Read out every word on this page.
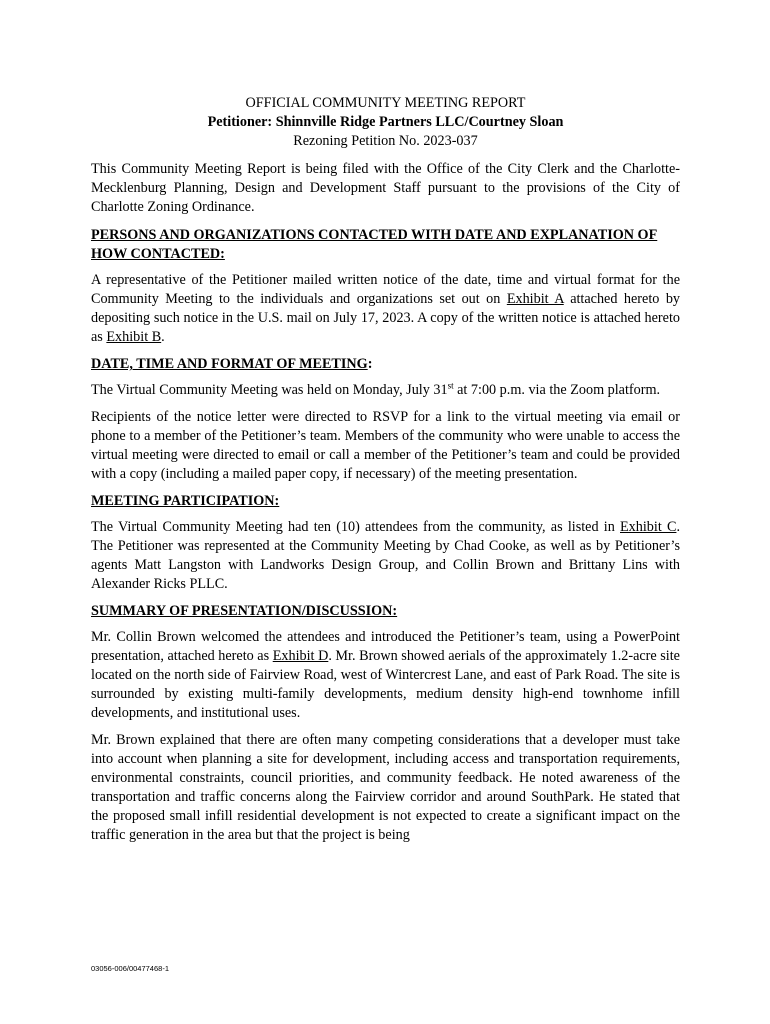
OFFICIAL COMMUNITY MEETING REPORT
Petitioner: Shinnville Ridge Partners LLC/Courtney Sloan
Rezoning Petition No. 2023-037

This Community Meeting Report is being filed with the Office of the City Clerk and the Charlotte-Mecklenburg Planning, Design and Development Staff pursuant to the provisions of the City of Charlotte Zoning Ordinance.

PERSONS AND ORGANIZATIONS CONTACTED WITH DATE AND EXPLANATION OF HOW CONTACTED:

A representative of the Petitioner mailed written notice of the date, time and virtual format for the Community Meeting to the individuals and organizations set out on Exhibit A attached hereto by depositing such notice in the U.S. mail on July 17, 2023. A copy of the written notice is attached hereto as Exhibit B.

DATE, TIME AND FORMAT OF MEETING:

The Virtual Community Meeting was held on Monday, July 31st at 7:00 p.m. via the Zoom platform.

Recipients of the notice letter were directed to RSVP for a link to the virtual meeting via email or phone to a member of the Petitioner’s team. Members of the community who were unable to access the virtual meeting were directed to email or call a member of the Petitioner’s team and could be provided with a copy (including a mailed paper copy, if necessary) of the meeting presentation.

MEETING PARTICIPATION:

The Virtual Community Meeting had ten (10) attendees from the community, as listed in Exhibit C. The Petitioner was represented at the Community Meeting by Chad Cooke, as well as by Petitioner’s agents Matt Langston with Landworks Design Group, and Collin Brown and Brittany Lins with Alexander Ricks PLLC.

SUMMARY OF PRESENTATION/DISCUSSION:

Mr. Collin Brown welcomed the attendees and introduced the Petitioner’s team, using a PowerPoint presentation, attached hereto as Exhibit D. Mr. Brown showed aerials of the approximately 1.2-acre site located on the north side of Fairview Road, west of Wintercrest Lane, and east of Park Road. The site is surrounded by existing multi-family developments, medium density high-end townhome infill developments, and institutional uses.

Mr. Brown explained that there are often many competing considerations that a developer must take into account when planning a site for development, including access and transportation requirements, environmental constraints, council priorities, and community feedback. He noted awareness of the transportation and traffic concerns along the Fairview corridor and around SouthPark. He stated that the proposed small infill residential development is not expected to create a significant impact on the traffic generation in the area but that the project is being

03056-006/00477468-1
